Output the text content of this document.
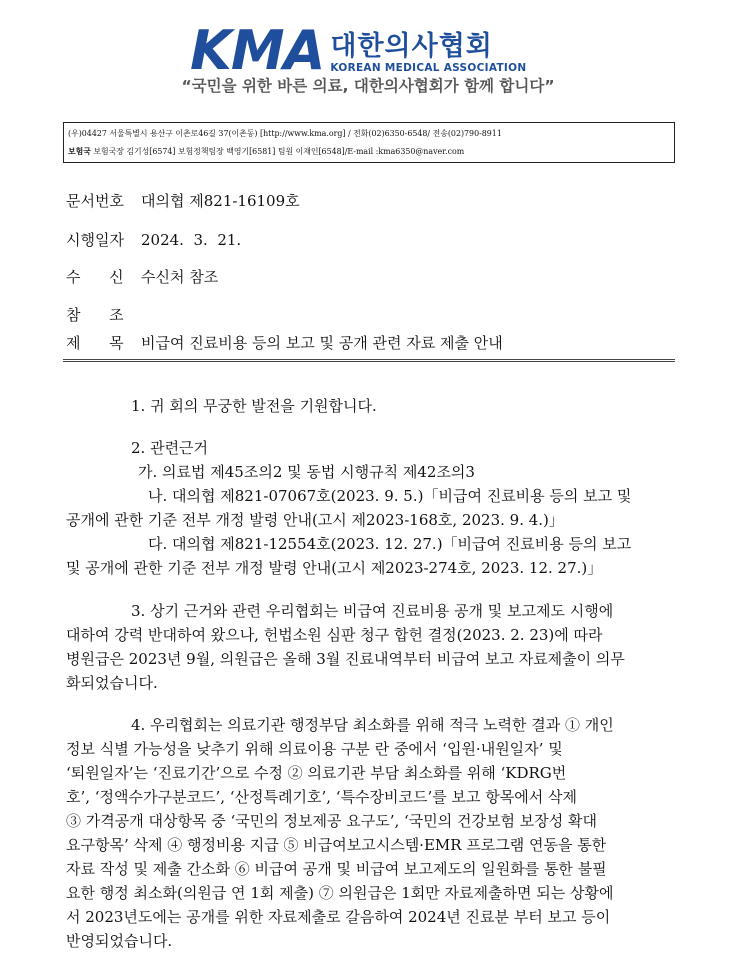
KMA 대한의사협회
KOREAN MEDICAL ASSOCIATION
“국민을 위한 바른 의료, 대한의사협회가 함께 합니다”
(우)04427 서울특별시 용산구 이촌로46길 37(이촌동) [http://www.kma.org] / 전화(02)6350-6548/ 전송(02)790-8911
보험국 보험국장 김기성[6574] 보험정책팀장 백영기[6581] 팀원 이재인[6548]/E-mail :kma6350@naver.com
문서번호 대의협 제821-16109호
시행일자 2024.  3.  21.
수      신 수신처 참조
참      조
제      목 비급여 진료비용 등의 보고 및 공개 관련 자료 제출 안내
1. 귀 회의 무궁한 발전을 기원합니다.
2. 관련근거
가. 의료법 제45조의2 및 동법 시행규칙 제42조의3
나. 대의협 제821-07067호(2023. 9. 5.)「비급여 진료비용 등의 보고 및
공개에 관한 기준 전부 개정 발령 안내(고시 제2023-168호, 2023. 9. 4.)」
다. 대의협 제821-12554호(2023. 12. 27.)「비급여 진료비용 등의 보고
및 공개에 관한 기준 전부 개정 발령 안내(고시 제2023-274호, 2023. 12. 27.)」
3. 상기 근거와 관련 우리협회는 비급여 진료비용 공개 및 보고제도 시행에
대하여 강력 반대하여 왔으나, 헌법소원 심판 청구 합헌 결정(2023. 2. 23)에 따라
병원급은 2023년 9월, 의원급은 올해 3월 진료내역부터 비급여 보고 자료제출이 의무
화되었습니다.
4. 우리협회는 의료기관 행정부담 최소화를 위해 적극 노력한 결과 ① 개인
정보 식별 가능성을 낮추기 위해 의료이용 구분 란 중에서 ‘입원·내원일자’ 및
‘퇴원일자’는 ‘진료기간’으로 수정 ② 의료기관 부담 최소화를 위해 ‘KDRG번
호’, ‘정액수가구분코드’, ‘산정특례기호’, ‘특수장비코드’를 보고 항목에서 삭제
③ 가격공개 대상항목 중 ‘국민의 정보제공 요구도’, ‘국민의 건강보험 보장성 확대
요구항목’ 삭제 ④ 행정비용 지급 ⑤ 비급여보고시스템·EMR 프로그램 연동을 통한
자료 작성 및 제출 간소화 ⑥ 비급여 공개 및 비급여 보고제도의 일원화를 통한 불필
요한 행정 최소화(의원급 연 1회 제출) ⑦ 의원급은 1회만 자료제출하면 되는 상황에
서 2023년도에는 공개를 위한 자료제출로 갈음하여 2024년 진료분 부터 보고 등이
반영되었습니다.
